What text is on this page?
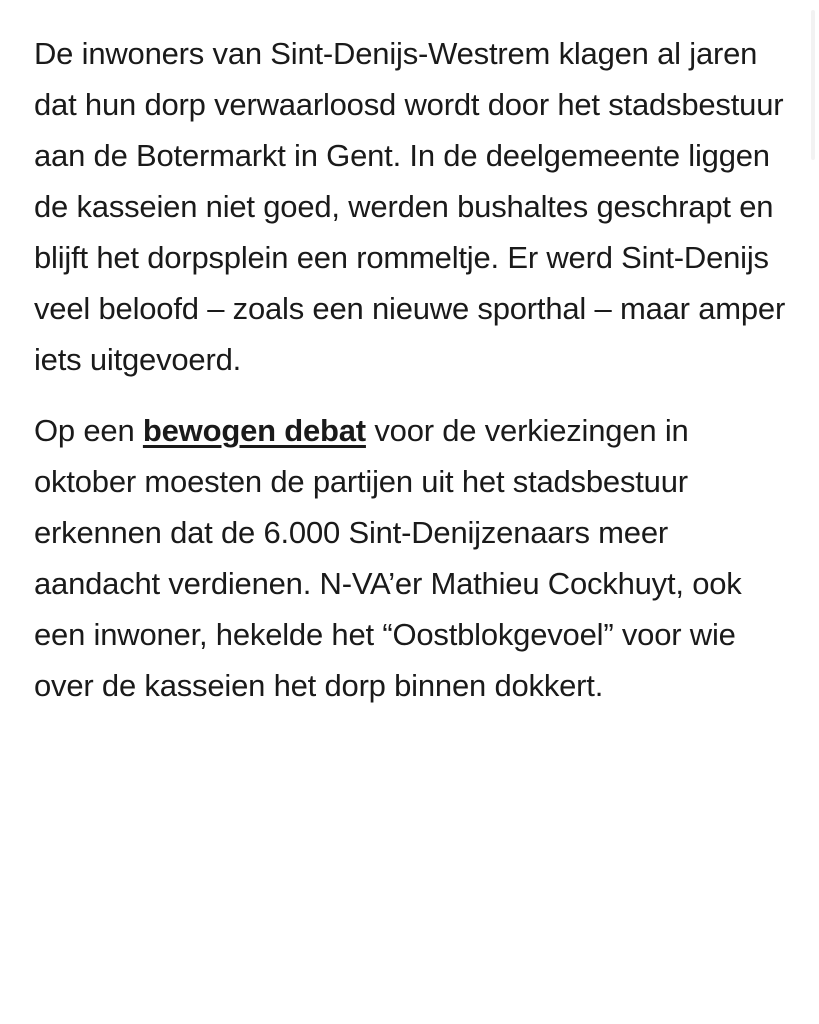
De inwoners van Sint-Denijs-Westrem klagen al jaren dat hun dorp verwaarloosd wordt door het stadsbestuur aan de Botermarkt in Gent. In de deelgemeente liggen de kasseien niet goed, werden bushaltes geschrapt en blijft het dorpsplein een rommeltje. Er werd Sint-Denijs veel beloofd – zoals een nieuwe sporthal – maar amper iets uitgevoerd.

Op een bewogen debat voor de verkiezingen in oktober moesten de partijen uit het stadsbestuur erkennen dat de 6.000 Sint-Denijzenaars meer aandacht verdienen. N-VA’er Mathieu Cockhuyt, ook een inwoner, hekelde het “Oostblokgevoel” voor wie over de kasseien het dorp binnen dokkert.
